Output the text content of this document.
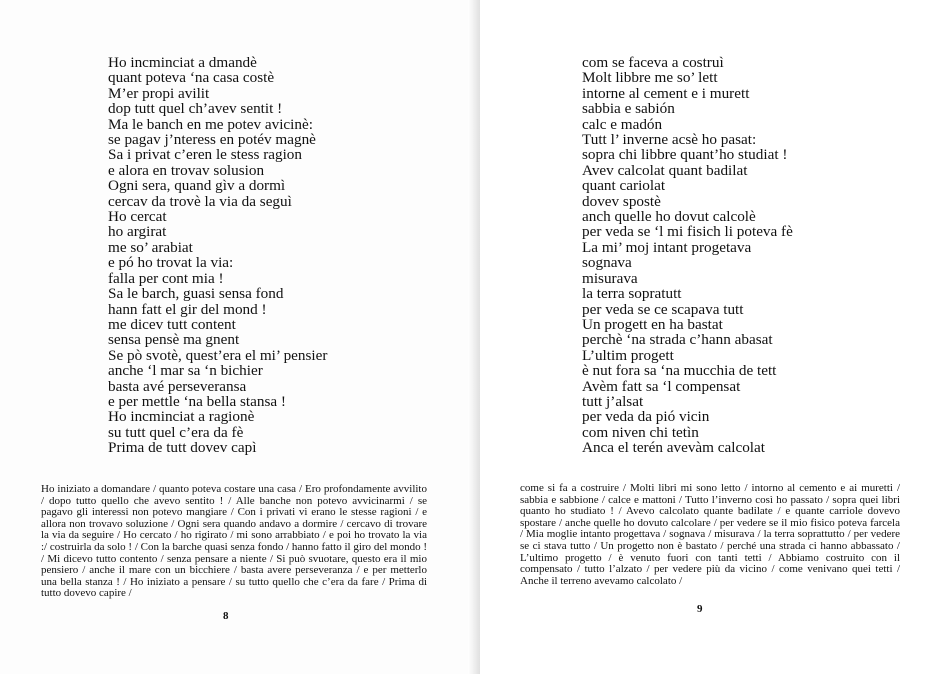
Ho incminciat a dmandè
quant poteva ‘na casa costè
M’er propi avilit
dop tutt quel ch’avev sentit !
Ma le banch en me potev avicinè:
se pagav j’nteress en potév magnè
Sa i privat c’eren le stess ragion
e alora en trovav solusion
Ogni sera, quand gìv a dormì
cercav da trovè la via da seguì
Ho cercat
ho argirat
me so’ arabiat
e pó ho trovat la via:
falla per cont mia !
Sa le barch, guasi sensa fond
hann fatt el gir del mond !
me dicev tutt content
sensa pensè ma gnent
Se pò svotè, quest’era el mi’ pensier
anche ‘l mar sa ‘n bichier
basta avé perseveransa
e per mettle ‘na bella stansa !
Ho incminciat a ragionè
su tutt quel c’era da fè
Prima de tutt dovev capì

Ho iniziato a domandare / quanto poteva costare una casa / Ero profondamente avvilito / dopo tutto quello che avevo sentito ! / Alle banche non potevo avvicinarmi / se pagavo gli interessi non potevo mangiare / Con i privati vi erano le stesse ragioni / e allora non trovavo soluzione / Ogni sera quando andavo a dormire / cercavo di trovare la via da seguire / Ho cercato / ho rigirato / mi sono arrabbiato / e poi ho trovato la via :/ costruirla da solo ! / Con la barche quasi senza fondo / hanno fatto il giro del mondo ! / Mi dicevo tutto contento / senza pensare a niente / Si può svuotare, questo era il mio pensiero / anche il mare con un bicchiere / basta avere perseveranza / e per metterlo una bella stanza ! / Ho iniziato a pensare / su tutto quello che c’era da fare / Prima di tutto dovevo capire /

8

com se faceva a costruì
Molt libbre me so’ lett
intorne al cement e i murett
sabbia e sabión
calc e madón
Tutt l’ inverne acsè ho pasat:
sopra chi libbre quant’ho studiat !
Avev calcolat quant badilat
quant cariolat
dovev spostè
anch quelle ho dovut calcolè
per veda se ‘l mi fisich li poteva fè
La mi’ moj intant progetava
sognava
misurava
la terra sopratutt
per veda se ce scapava tutt
Un progett en ha bastat
perchè ‘na strada c’hann abasat
L’ultim progett
è nut fora sa ‘na mucchia de tett
Avèm fatt sa ‘l compensat
tutt j’alsat
per veda da pió vicin
com niven chi tetìn
Anca el terén avevàm calcolat

come si fa a costruire / Molti libri mi sono letto / intorno al cemento e ai muretti / sabbia e sabbione / calce e mattoni / Tutto l’inverno così ho passato / sopra quei libri quanto ho studiato ! / Avevo calcolato quante badilate / e quante carriole dovevo spostare / anche quelle ho dovuto calcolare / per vedere se il mio fisico poteva farcela / Mia moglie intanto progettava / sognava / misurava / la terra soprattutto / per vedere se ci stava tutto / Un progetto non è bastato / perché una strada ci hanno abbassato / L’ultimo progetto / è venuto fuori con tanti tetti / Abbiamo costruito con il compensato / tutto l’alzato / per vedere più da vicino / come venivano quei tetti / Anche il terreno avevamo calcolato /

9
